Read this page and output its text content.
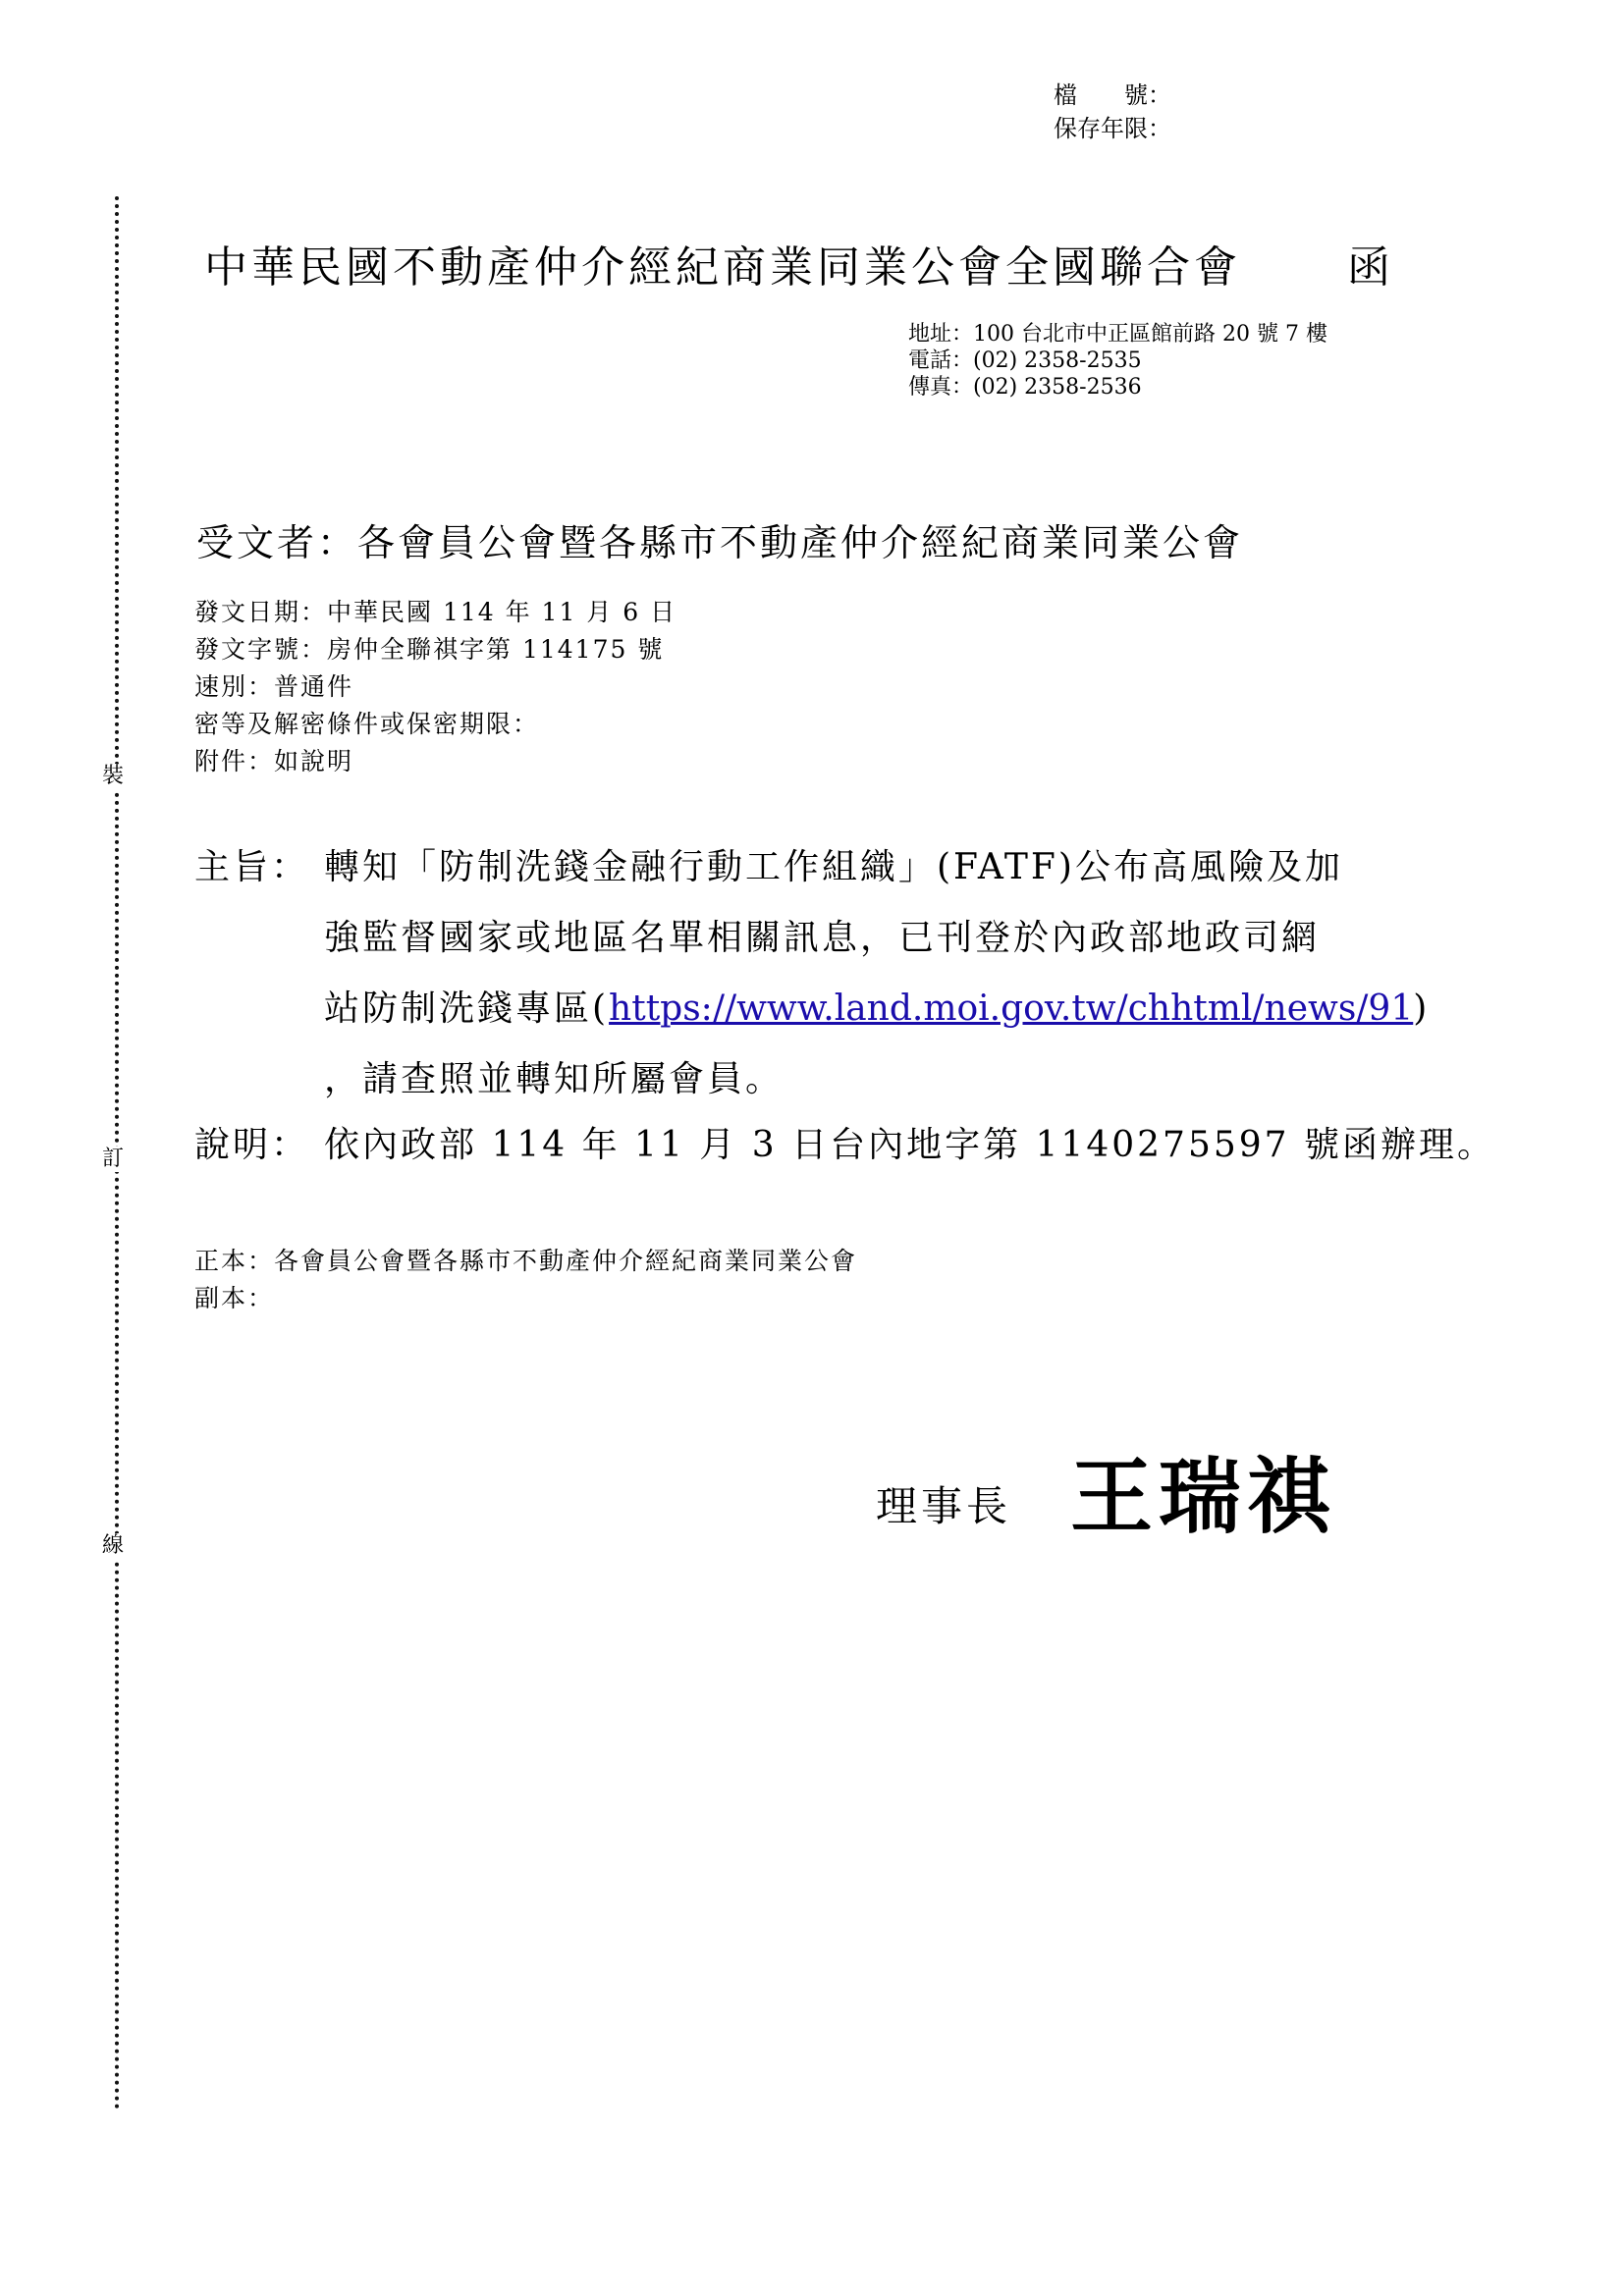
裝
訂
線
檔　　號：
保存年限：
中華民國不動產仲介經紀商業同業公會全國聯合會 函
地址：100 台北市中正區館前路 20 號 7 樓
電話：(02) 2358-2535
傳真：(02) 2358-2536
受文者：各會員公會暨各縣市不動產仲介經紀商業同業公會
發文日期：中華民國 114 年 11 月 6 日
發文字號：房仲全聯祺字第 114175 號
速別：普通件
密等及解密條件或保密期限：
附件：如說明
主旨： 轉知「防制洗錢金融行動工作組織」(FATF)公布高風險及加
強監督國家或地區名單相關訊息，已刊登於內政部地政司網
站防制洗錢專區(https://www.land.moi.gov.tw/chhtml/news/91)
，請查照並轉知所屬會員。
說明： 依內政部 114 年 11 月 3 日台內地字第 1140275597 號函辦理。
正本：各會員公會暨各縣市不動產仲介經紀商業同業公會
副本：
理事長 王瑞祺
